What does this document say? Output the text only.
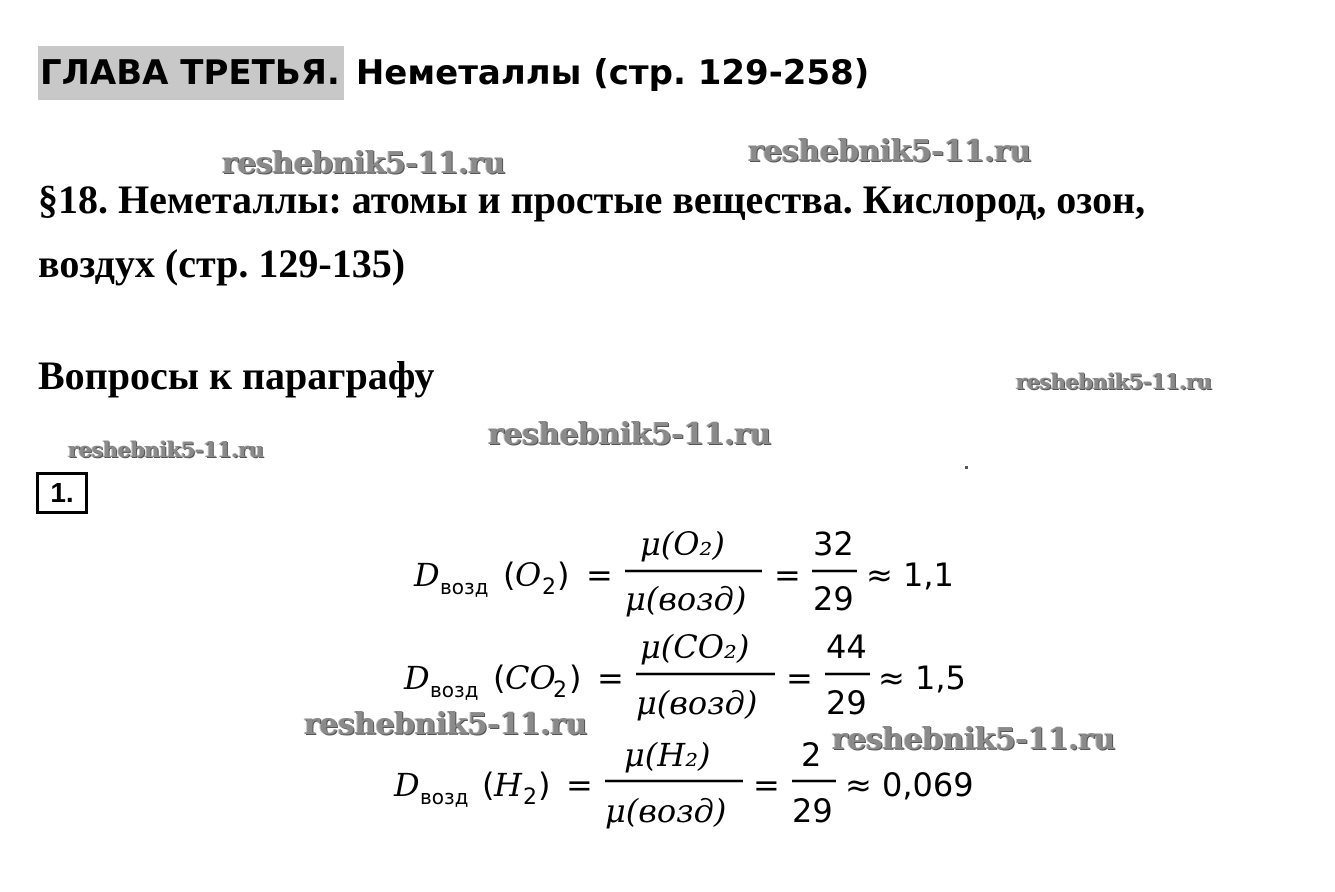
ГЛАВА ТРЕТЬЯ. Неметаллы (стр. 129-258)
§18. Неметаллы: атомы и простые вещества. Кислород, озон,
воздух (стр. 129-135)
Вопросы к параграфу
1.
D возд ( O 2 ) =
μ(O₂)
μ(возд)
=
32
29
≈ 1,1
D возд ( CO
2 ) =
μ(CO₂)
μ(возд)
=
44
29
≈ 1,5
D возд ( H 2 ) =
μ(H₂)
μ(возд)
=
2
29
≈ 0,069
reshebnik5-11.ru	reshebnik5-11.ru
reshebnik5-11.ru
reshebnik5-11.ru	reshebnik5-11.ru
reshebnik5-11.ru	reshebnik5-11.ru
